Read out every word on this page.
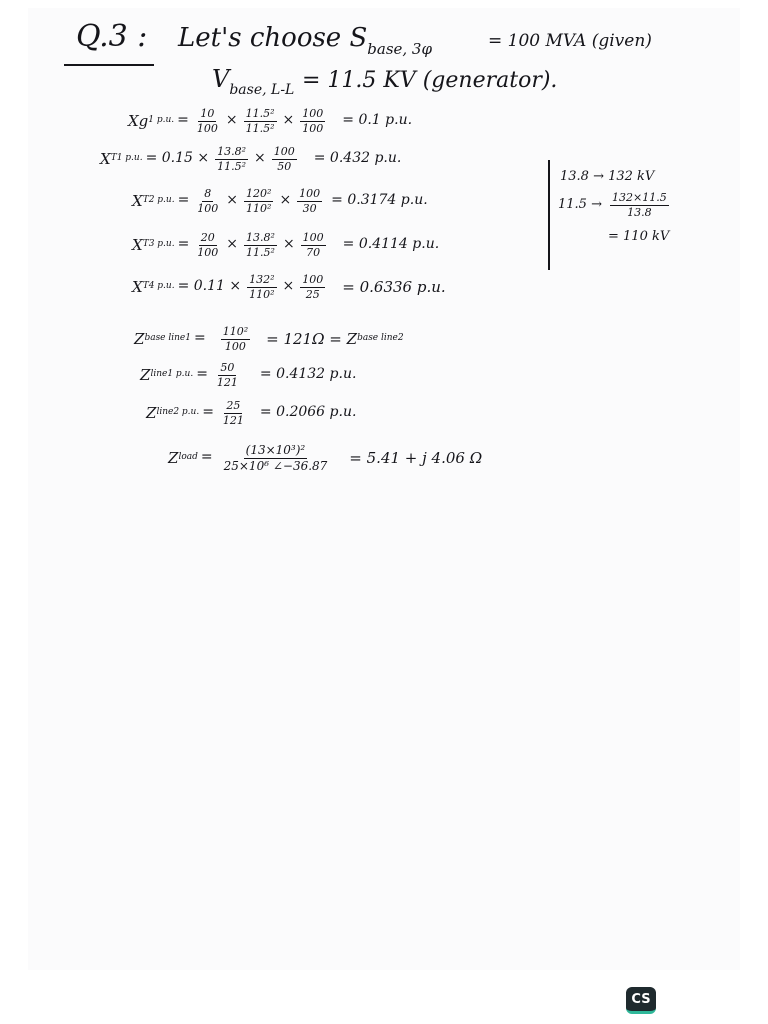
Q.3 : Let's choose $S_{base, 3\varphi}$	= 100 MVA (given)
$V_{base, L-L} = 11.5$ KV (generator).
Xg 1 p.u. = $\frac{10}{100} \times \frac{\text{11.5²}}{\text{11.5²}} \times \frac{100}{100} = 0.1$ p.u.
X T1 p.u. = $0.15 \times \frac{\text{13.8²}}{\text{11.5²}} \times \frac{100}{50} = 0.432$ p.u.
X T2 p.u. = $\frac{8}{100} \times \frac{\text{120²}}{\text{110²}} \times \frac{100}{30} = 0.3174$ p.u.
X T3 p.u. = $\frac{20}{100} \times \frac{\text{13.8²}}{\text{11.5²}} \times \frac{100}{70} = 0.4114$ p.u.
X T4 p.u. = $0.11 \times \frac{\text{132²}}{\text{110²}} \times \frac{100}{25} = 0.6336$ p.u.
13.8 → 132 kV
$11.5 \to \frac{132\times 11.5}{13.8}$
= 110 kV
Z base line1 = $\frac{\text{110²}}{100} = 121\Omega = Z$ base line2
Z line1 p.u. = $\frac{50}{121} = 0.4132$ p.u.
Z line2 p.u. = $\frac{25}{121} = 0.2066$ p.u.
Z load = $\frac{\text{(13×10³)²}}{\text{25×10⁶ ∠−36.87}} = 5.41 + j$ 4.06 Ω
CS
